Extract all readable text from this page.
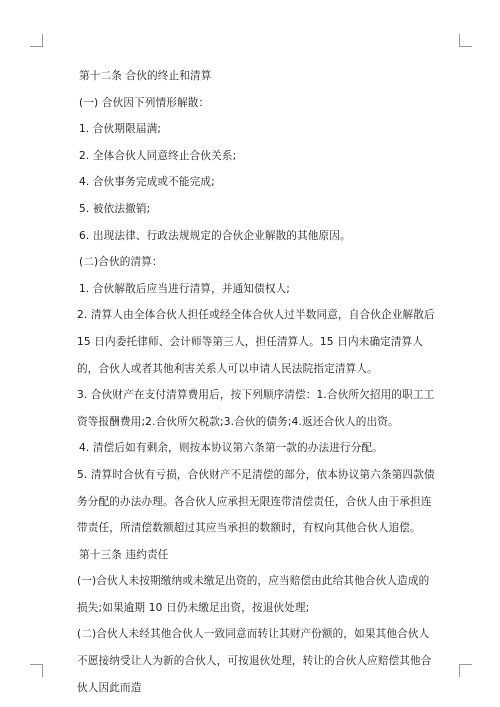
第十二条 合伙的终止和清算

(一) 合伙因下列情形解散：

1. 合伙期限届满;

2. 全体合伙人同意终止合伙关系;

4. 合伙事务完成或不能完成;

5. 被依法撤销;

6. 出现法律、行政法规规定的合伙企业解散的其他原因。

(二)合伙的清算：

1. 合伙解散后应当进行清算，并通知债权人;

2. 清算人由全体合伙人担任或经全体合伙人过半数同意，自合伙企业解散后 15 日内委托律师、会计师等第三人，担任清算人。15 日内未确定清算人的，合伙人或者其他利害关系人可以申请人民法院指定清算人。

3. 合伙财产在支付清算费用后，按下列顺序清偿：1.合伙所欠招用的职工工资等报酬费用;2.合伙所欠税款;3.合伙的债务;4.返还合伙人的出资。

4. 清偿后如有剩余，则按本协议第六条第一款的办法进行分配。

5. 清算时合伙有亏损，合伙财产不足清偿的部分，依本协议第六条第四款债务分配的办法办理。各合伙人应承担无限连带清偿责任，合伙人由于承担连带责任，所清偿数额超过其应当承担的数额时，有权向其他合伙人追偿。

第十三条 违约责任

(一)合伙人未按期缴纳或未缴足出资的，应当赔偿由此给其他合伙人造成的损失;如果逾期 10 日仍未缴足出资，按退伙处理;

(二)合伙人未经其他合伙人一致同意而转让其财产份额的，如果其他合伙人不愿接纳受让人为新的合伙人，可按退伙处理，转让的合伙人应赔偿其他合伙人因此而造
